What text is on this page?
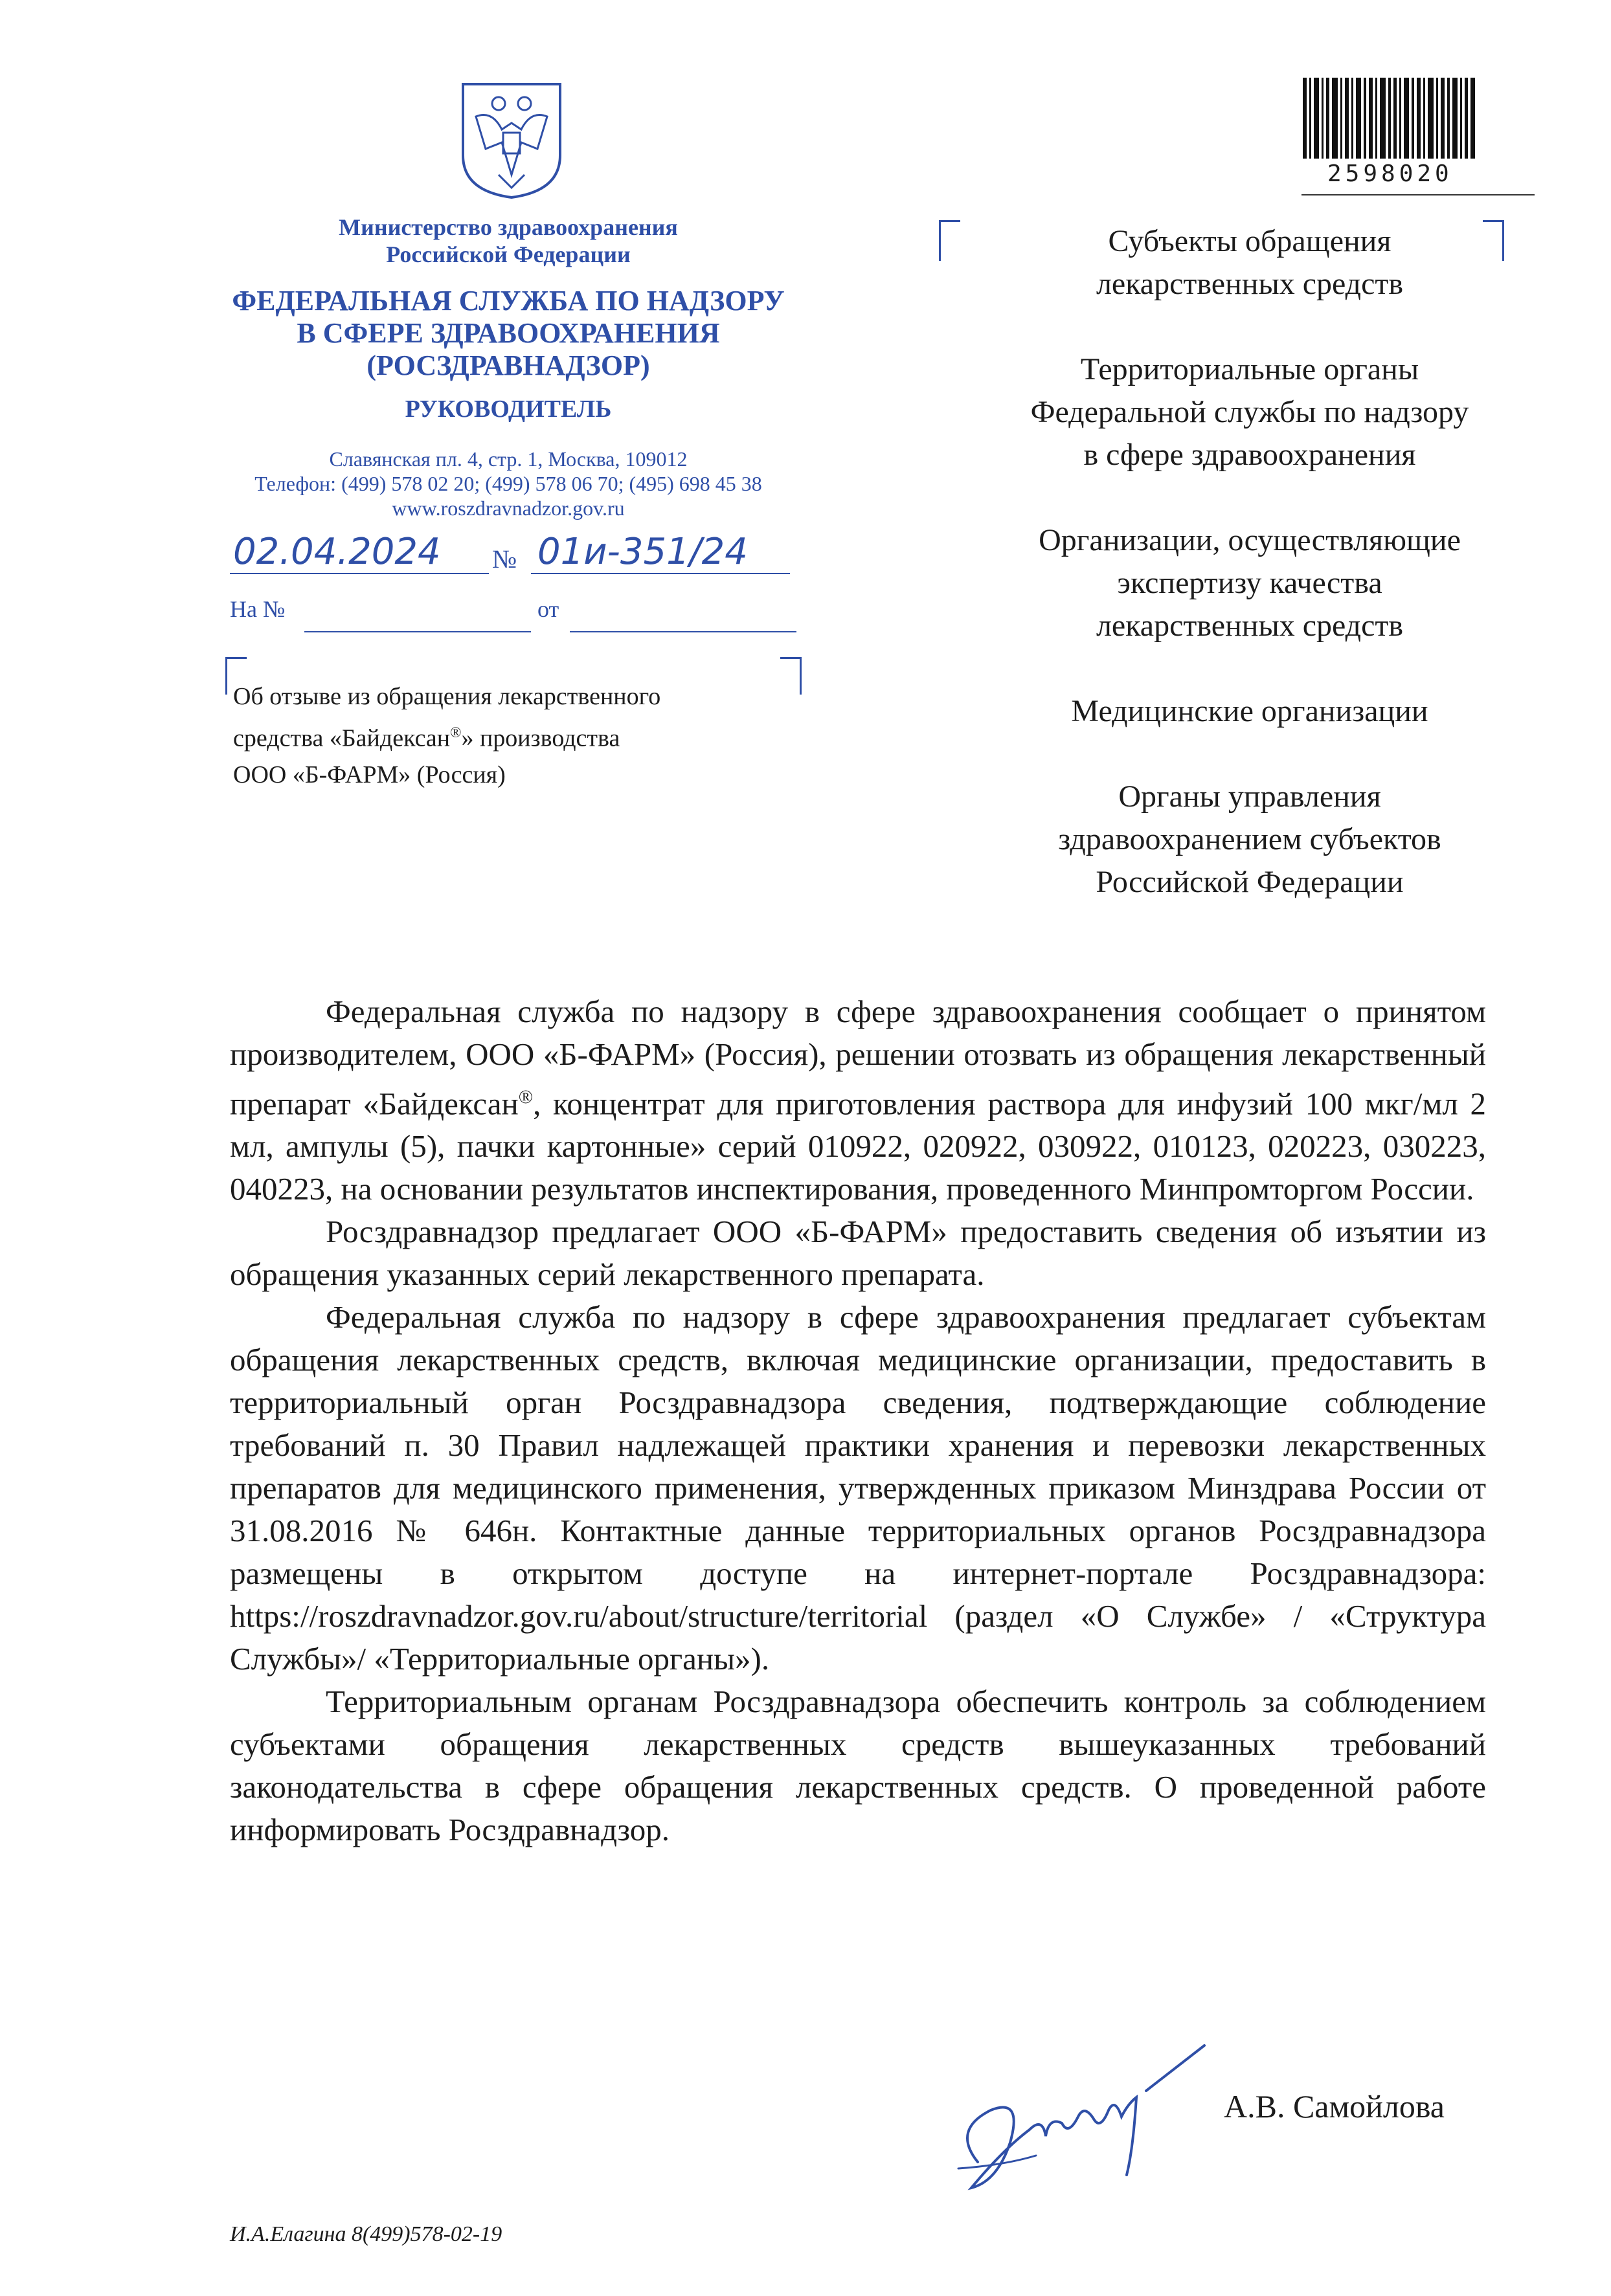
Министерство здравоохранения
Российской Федерации
ФЕДЕРАЛЬНАЯ СЛУЖБА ПО НАДЗОРУ
В СФЕРЕ ЗДРАВООХРАНЕНИЯ
(РОСЗДРАВНАДЗОР)
РУКОВОДИТЕЛЬ
Славянская пл. 4, стр. 1, Москва, 109012
Телефон: (499) 578 02 20; (499) 578 06 70; (495) 698 45 38
www.roszdravnadzor.gov.ru
02.04.2024 № 01и-351/24
На №	от
Об отзыве из обращения лекарственного
средства «Байдексан®» производства
ООО «Б-ФАРМ» (Россия)
2598020
Субъекты обращения
лекарственных средств
Территориальные органы
Федеральной службы по надзору
в сфере здравоохранения
Организации, осуществляющие
экспертизу качества
лекарственных средств
Медицинские организации
Органы управления
здравоохранением субъектов
Российской Федерации

Федеральная служба по надзору в сфере здравоохранения сообщает о принятом производителем, ООО «Б-ФАРМ» (Россия), решении отозвать из обращения лекарственный препарат «Байдексан®, концентрат для приготовления раствора для инфузий 100 мкг/мл 2 мл, ампулы (5), пачки картонные» серий 010922, 020922, 030922, 010123, 020223, 030223, 040223, на основании результатов инспектирования, проведенного Минпромторгом России.

Росздравнадзор предлагает ООО «Б-ФАРМ» предоставить сведения об изъятии из обращения указанных серий лекарственного препарата.

Федеральная служба по надзору в сфере здравоохранения предлагает субъектам обращения лекарственных средств, включая медицинские организации, предоставить в территориальный орган Росздравнадзора сведения, подтверждающие соблюдение требований п. 30 Правил надлежащей практики хранения и перевозки лекарственных препаратов для медицинского применения, утвержденных приказом Минздрава России от 31.08.2016 № 646н. Контактные данные территориальных органов Росздравнадзора размещены в открытом доступе на интернет-портале Росздравнадзора: https://roszdravnadzor.gov.ru/about/structure/territorial (раздел «О Службе» / «Структура Службы»/ «Территориальные органы»).

Территориальным органам Росздравнадзора обеспечить контроль за соблюдением субъектами обращения лекарственных средств вышеуказанных требований законодательства в сфере обращения лекарственных средств. О проведенной работе информировать Росздравнадзор.

А.В. Самойлова
И.А.Елагина 8(499)578-02-19
